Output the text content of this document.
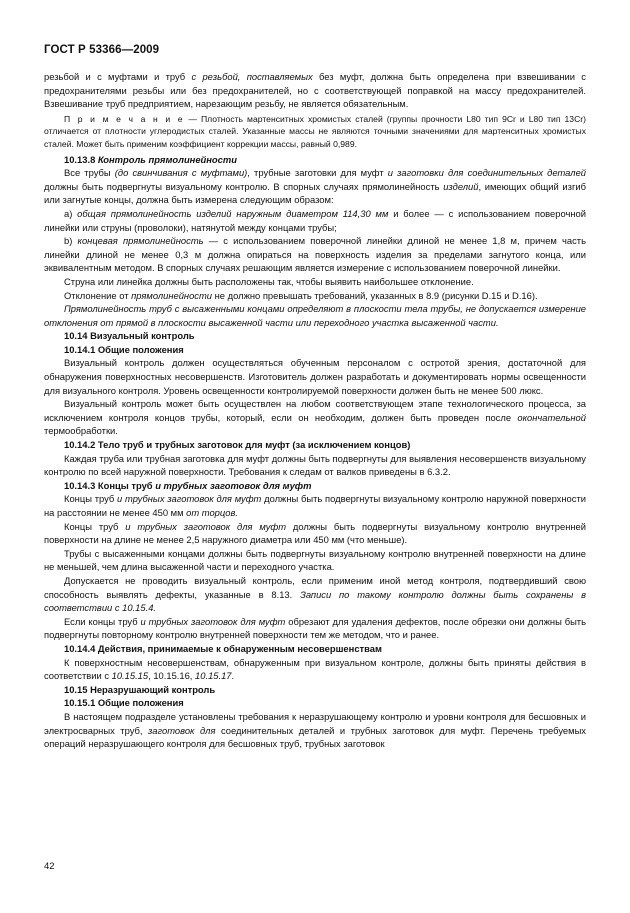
ГОСТ Р 53366—2009

резьбой и с муфтами и труб с резьбой, поставляемых без муфт, должна быть определена при взвешивании с предохранителями резьбы или без предохранителей, но с соответствующей поправкой на массу предохранителей. Взвешивание труб предприятием, нарезающим резьбу, не является обязательным.

П р и м е ч а н и е — Плотность мартенситных хромистых сталей (группы прочности L80 тип 9Cr и L80 тип 13Cr) отличается от плотности углеродистых сталей. Указанные массы не являются точными значениями для мартенситных хромистых сталей. Может быть применим коэффициент коррекции массы, равный 0,989.

10.13.8 Контроль прямолинейности

Все трубы (до свинчивания с муфтами), трубные заготовки для муфт и заготовки для соединительных деталей должны быть подвергнуты визуальному контролю. В спорных случаях прямолинейность изделий, имеющих общий изгиб или загнутые концы, должна быть измерена следующим образом:

а) общая прямолинейность изделий наружным диаметром 114,30 мм и более — с использованием поверочной линейки или струны (проволоки), натянутой между концами трубы;

b) концевая прямолинейность — с использованием поверочной линейки длиной не менее 1,8 м, причем часть линейки длиной не менее 0,3 м должна опираться на поверхность изделия за пределами загнутого конца, или эквивалентным методом. В спорных случаях решающим является измерение с использованием поверочной линейки.

Струна или линейка должны быть расположены так, чтобы выявить наибольшее отклонение.

Отклонение от прямолинейности не должно превышать требований, указанных в 8.9 (рисунки D.15 и D.16).

Прямолинейность труб с высаженными концами определяют в плоскости тела трубы, не допускается измерение отклонения от прямой в плоскости высаженной части или переходного участка высаженной части.

10.14 Визуальный контроль

10.14.1 Общие положения

Визуальный контроль должен осуществляться обученным персоналом с остротой зрения, достаточной для обнаружения поверхностных несовершенств. Изготовитель должен разработать и документировать нормы освещенности для визуального контроля. Уровень освещенности контролируемой поверхности должен быть не менее 500 люкс.

Визуальный контроль может быть осуществлен на любом соответствующем этапе технологического процесса, за исключением контроля концов трубы, который, если он необходим, должен быть проведен после окончательной термообработки.

10.14.2 Тело труб и трубных заготовок для муфт (за исключением концов)

Каждая труба или трубная заготовка для муфт должны быть подвергнуты для выявления несовершенств визуальному контролю по всей наружной поверхности. Требования к следам от валков приведены в 6.3.2.

10.14.3 Концы труб и трубных заготовок для муфт

Концы труб и трубных заготовок для муфт должны быть подвергнуты визуальному контролю наружной поверхности на расстоянии не менее 450 мм от торцов.

Концы труб и трубных заготовок для муфт должны быть подвергнуты визуальному контролю внутренней поверхности на длине не менее 2,5 наружного диаметра или 450 мм (что меньше).

Трубы с высаженными концами должны быть подвергнуты визуальному контролю внутренней поверхности на длине не меньшей, чем длина высаженной части и переходного участка.

Допускается не проводить визуальный контроль, если применим иной метод контроля, подтвердивший свою способность выявлять дефекты, указанные в 8.13. Записи по такому контролю должны быть сохранены в соответствии с 10.15.4.

Если концы труб и трубных заготовок для муфт обрезают для удаления дефектов, после обрезки они должны быть подвергнуты повторному контролю внутренней поверхности тем же методом, что и ранее.

10.14.4 Действия, принимаемые к обнаруженным несовершенствам

К поверхностным несовершенствам, обнаруженным при визуальном контроле, должны быть приняты действия в соответствии с 10.15.15, 10.15.16, 10.15.17.

10.15 Неразрушающий контроль

10.15.1 Общие положения

В настоящем подразделе установлены требования к неразрушающему контролю и уровни контроля для бесшовных и электросварных труб, заготовок для соединительных деталей и трубных заготовок для муфт. Перечень требуемых операций неразрушающего контроля для бесшовных труб, трубных заготовок

42
